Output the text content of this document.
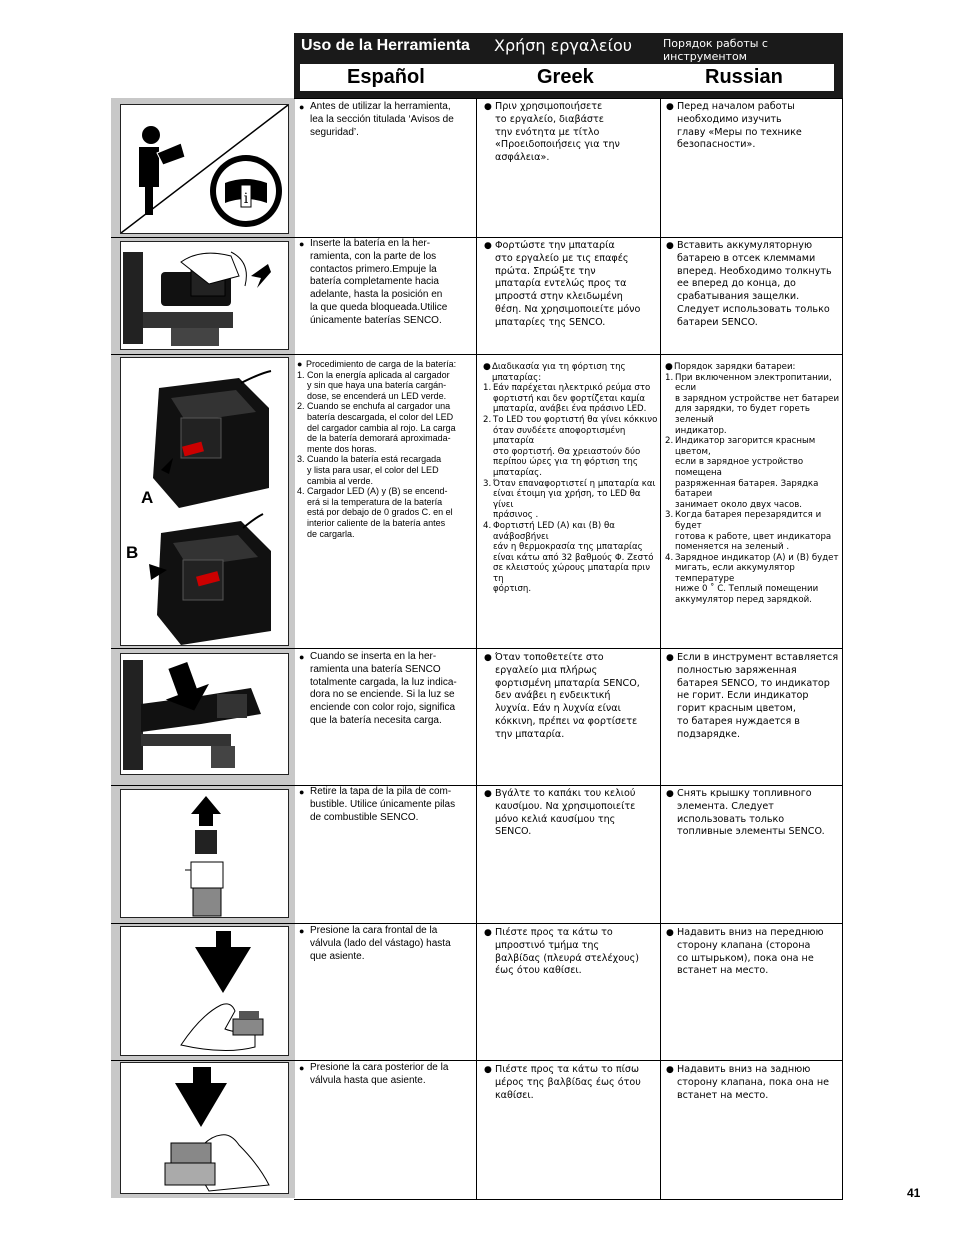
Uso de la Herramienta Χρήση εργαλείου	Порядок работы с инструментом
Español	Greek	Russian
i
A
B
● Antes de utilizar la herramienta,
lea la sección titulada ‘Avisos de
seguridad’.
● Πριν χρησιμοποιήσετε
το εργαλείο, διαβάστε
την ενότητα με τίτλο
«Προειδοποιήσεις για την
ασφάλεια».
● Перед началом работы
необходимо изучить
главу «Меры по технике
безопасности».
● Inserte la batería en la her-
ramienta, con la parte de los
contactos primero.Empuje la
batería completamente hacia
adelante, hasta la posición en
la que queda bloqueada.Utilice
únicamente baterías SENCO.
● Φορτώστε την μπαταρία
στο εργαλείο με τις επαφές
πρώτα. Σπρώξτε την
μπαταρία εντελώς προς τα
μπροστά στην κλειδωμένη
θέση. Να χρησιμοποιείτε μόνο
μπαταρίες της SENCO.
● Вставить аккумуляторную
батарею в отсек клеммами
вперед. Необходимо толкнуть
ее вперед до конца, до
срабатывания защелки.
Следует использовать только
батареи SENCO.
● Procedimiento de carga de la batería:
1. Con la energía aplicada al cargador
y sin que haya una batería cargán-
dose, se encenderá un LED verde.
2. Cuando se enchufa al cargador una
batería descargada, el color del LED
del cargador cambia al rojo. La carga
de la batería demorará aproximada-
mente dos horas.
3. Cuando la batería está recargada
y lista para usar, el color del LED
cambia al verde.
4. Cargador LED (A) y (B) se encend-
erá si la temperatura de la batería
está por debajo de 0 grados C. en el
interior caliente de la batería antes
de cargarla.
● Διαδικασία για τη φόρτιση της
μπαταρίας:
1. Εάν παρέχεται ηλεκτρικό ρεύμα στο
φορτιστή και δεν φορτίζεται καμία
μπαταρία, ανάβει ένα πράσινο LED.
2. Το LED του φορτιστή θα γίνει κόκκινο
όταν συνδέετε αποφορτισμένη μπαταρία
στο φορτιστή. Θα χρειαστούν δύο
περίπου ώρες για τη φόρτιση της
μπαταρίας.
3. Όταν επαναφορτιστεί η μπαταρία και
είναι έτοιμη για χρήση, το LED θα γίνει
πράσινος .
4. Φορτιστή LED (A) και (B) θα ανάβοσβήνει
εάν η θερμοκρασία της μπαταρίας
είναι κάτω από 32 βαθμούς Φ. Ζεστό
σε κλειστούς χώρους μπαταρία πριν τη
φόρτιση.
● Порядок зарядки батареи:
1. При включенном электропитании, если
в зарядном устройстве нет батареи
для зарядки, то будет гореть зеленый
индикатор.
2. Индикатор загорится красным цветом,
если в зарядное устройство помещена
разряженная батарея. Зарядка батареи
занимает около двух часов.
3. Когда батарея перезарядится и будет
готова к работе, цвет индикатора
поменяется на зеленый .
4. Зарядное индикатор (A) и (B) будет
мигать, если аккумулятор температуре
ниже 0 ˚ С. Теплый помещении
аккумулятор перед зарядкой.
● Cuando se inserta en la her-
ramienta una batería SENCO
totalmente cargada, la luz indica-
dora no se enciende. Si la luz se
enciende con color rojo, significa
que la batería necesita carga.
● Όταν τοποθετείτε στο
εργαλείο μια πλήρως
φορτισμένη μπαταρία SENCO,
δεν ανάβει η ενδεικτική
λυχνία. Εάν η λυχνία είναι
κόκκινη, πρέπει να φορτίσετε
την μπαταρία.
● Если в инструмент вставляется
полностью заряженная
батарея SENCO, то индикатор
не горит. Если индикатор
горит красным цветом,
то батарея нуждается в
подзарядке.
● Retire la tapa de la pila de com-
bustible. Utilice únicamente pilas
de combustible SENCO.
● Βγάλτε το καπάκι του κελιού
καυσίμου. Να χρησιμοποιείτε
μόνο κελιά καυσίμου της
SENCO.
● Снять крышку топливного
элемента. Следует
использовать только
топливные элементы SENCO.
● Presione la cara frontal de la
válvula (lado del vástago) hasta
que asiente.
● Πιέστε προς τα κάτω το
μπροστινό τμήμα της
βαλβίδας (πλευρά στελέχους)
έως ότου καθίσει.
● Надавить вниз на переднюю
сторону клапана (сторона
со штырьком), пока она не
встанет на место.
● Presione la cara posterior de la
válvula hasta que asiente.
● Πιέστε προς τα κάτω το πίσω
μέρος της βαλβίδας έως ότου
καθίσει.
● Надавить вниз на заднюю
сторону клапана, пока она не
встанет на место.
41
